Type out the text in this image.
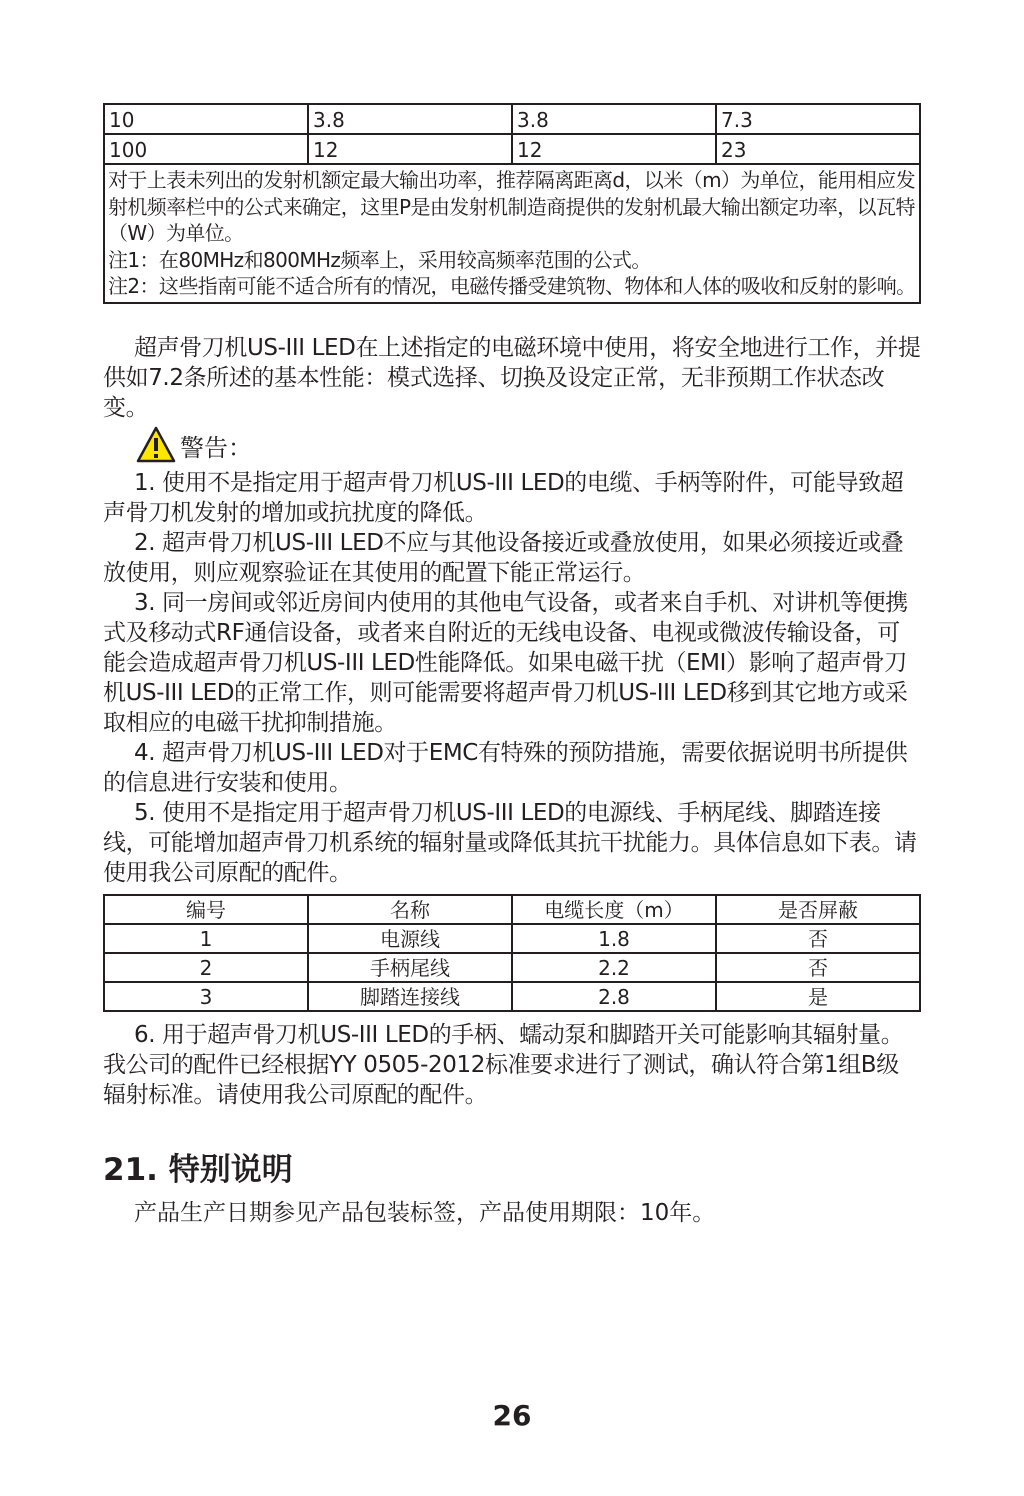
10	3.8	3.8	7.3
100	12	12	23

对于上表未列出的发射机额定最大输出功率，推荐隔离距离d，以米（m）为单位，能用相应发射机频率栏中的公式来确定，这里P是由发射机制造商提供的发射机最大输出额定功率，以瓦特（W）为单位。

注1：在80MHz和800MHz频率上，采用较高频率范围的公式。

注2：这些指南可能不适合所有的情况，电磁传播受建筑物、物体和人体的吸收和反射的影响。			

超声骨刀机US-III LED在上述指定的电磁环境中使用，将安全地进行工作，并提供如7.2条所述的基本性能：模式选择、切换及设定正常，无非预期工作状态改变。

警告：

1. 使用不是指定用于超声骨刀机US-III LED的电缆、手柄等附件，可能导致超声骨刀机发射的增加或抗扰度的降低。

2. 超声骨刀机US-III LED不应与其他设备接近或叠放使用，如果必须接近或叠放使用，则应观察验证在其使用的配置下能正常运行。

3. 同一房间或邻近房间内使用的其他电气设备，或者来自手机、对讲机等便携式及移动式RF通信设备，或者来自附近的无线电设备、电视或微波传输设备，可能会造成超声骨刀机US-III LED性能降低。如果电磁干扰（EMI）影响了超声骨刀机US-III LED的正常工作，则可能需要将超声骨刀机US-III LED移到其它地方或采取相应的电磁干扰抑制措施。

4. 超声骨刀机US-III LED对于EMC有特殊的预防措施，需要依据说明书所提供的信息进行安装和使用。

5. 使用不是指定用于超声骨刀机US-III LED的电源线、手柄尾线、脚踏连接线，可能增加超声骨刀机系统的辐射量或降低其抗干扰能力。具体信息如下表。请使用我公司原配的配件。

编号	名称	电缆长度（m）	是否屏蔽
1	电源线	1.8	否
2	手柄尾线	2.2	否
3	脚踏连接线	2.8	是

6. 用于超声骨刀机US-III LED的手柄、蠕动泵和脚踏开关可能影响其辐射量。我公司的配件已经根据YY 0505-2012标准要求进行了测试，确认符合第1组B级辐射标准。请使用我公司原配的配件。

21. 特别说明

产品生产日期参见产品包装标签，产品使用期限：10年。

26
